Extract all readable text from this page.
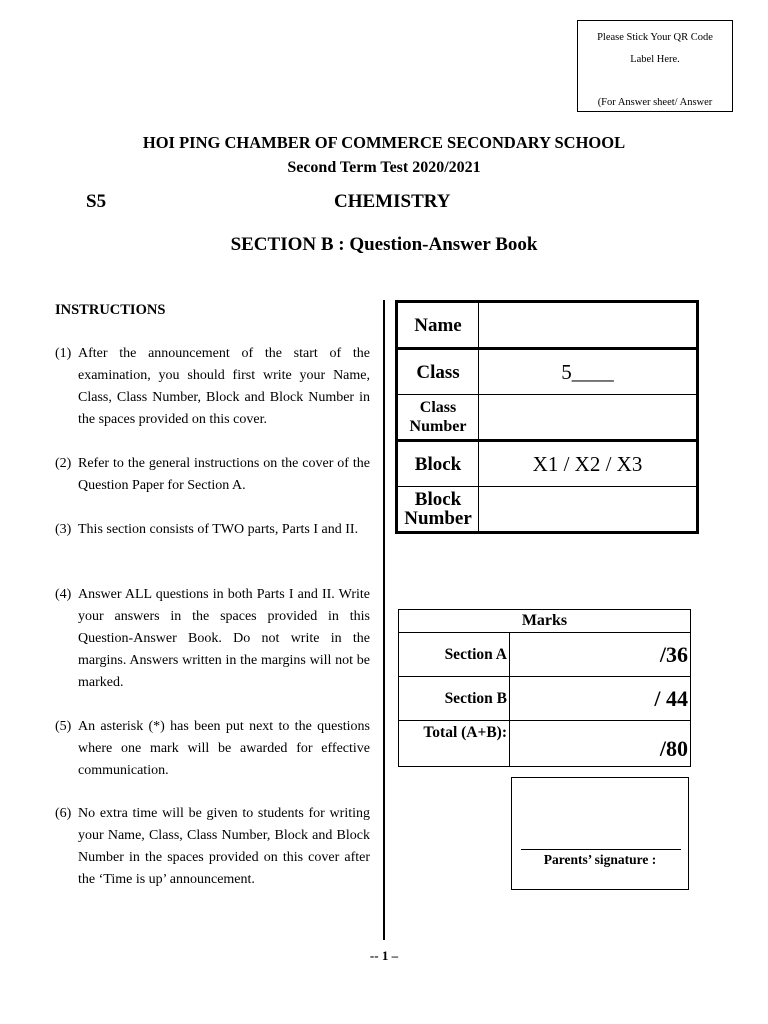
Please Stick Your QR Code
Label Here.
(For Answer sheet/ Answer
HOI PING CHAMBER OF COMMERCE SECONDARY SCHOOL
Second Term Test 2020/2021
S5	CHEMISTRY
SECTION B : Question-Answer Book
INSTRUCTIONS
(1) After the announcement of the start of the examination, you should first write your Name, Class, Class Number, Block and Block Number in the spaces provided on this cover.
(2) Refer to the general instructions on the cover of the Question Paper for Section A.
(3) This section consists of TWO parts, Parts I and II.
(4) Answer ALL questions in both Parts I and II. Write your answers in the spaces provided in this Question-Answer Book. Do not write in the margins. Answers written in the margins will not be marked.
(5) An asterisk (*) has been put next to the questions where one mark will be awarded for effective communication.
(6) No extra time will be given to students for writing your Name, Class, Class Number, Block and Block Number in the spaces provided on this cover after the ‘Time is up’ announcement.
Name	
Class	5____

Class
Number	

Block	X1 / X2 / X3

Block
Number	

Marks	
Section A	/36
Section B	/ 44
Total (A+B):	/80
Parents’ signature :
-- 1 –
